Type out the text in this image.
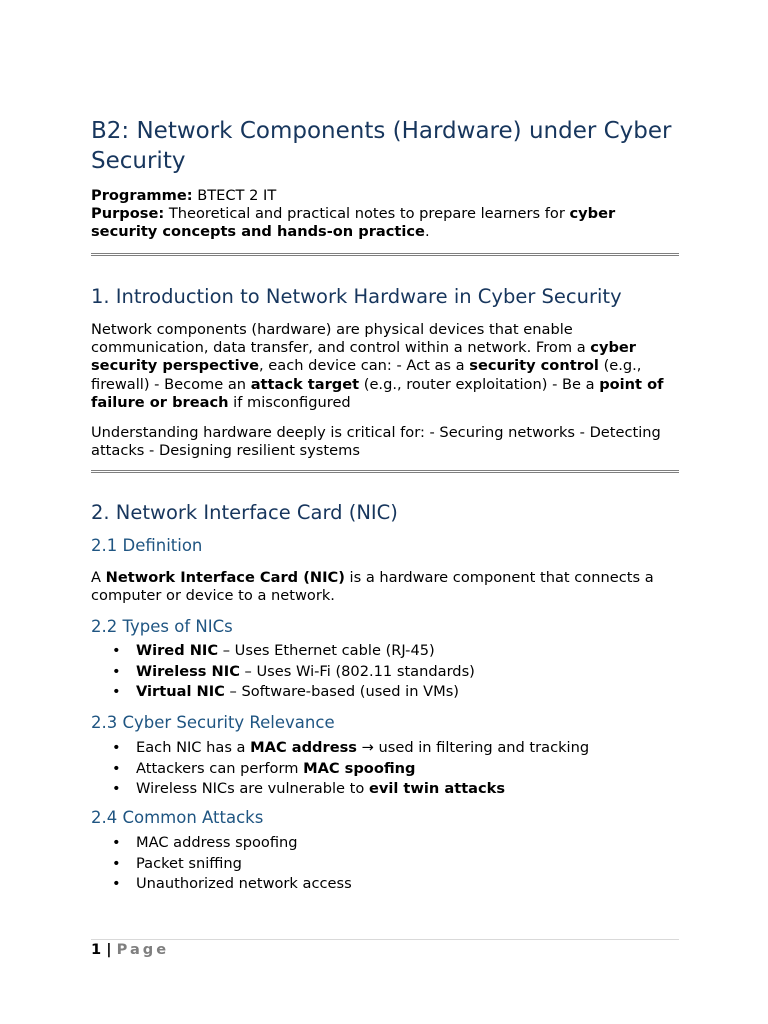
B2: Network Components (Hardware) under Cyber Security

Programme: BTECT 2 IT

Purpose: Theoretical and practical notes to prepare learners for cyber security concepts and hands-on practice.

1. Introduction to Network Hardware in Cyber Security

Network components (hardware) are physical devices that enable communication, data transfer, and control within a network. From a cyber security perspective, each device can: - Act as a security control (e.g., firewall) - Become an attack target (e.g., router exploitation) - Be a point of failure or breach if misconfigured

Understanding hardware deeply is critical for: - Securing networks - Detecting attacks - Designing resilient systems

2. Network Interface Card (NIC)
2.1 Definition

A Network Interface Card (NIC) is a hardware component that connects a computer or device to a network.

2.2 Types of NICs
• Wired NIC – Uses Ethernet cable (RJ-45)
• Wireless NIC – Uses Wi-Fi (802.11 standards)
• Virtual NIC – Software-based (used in VMs)
2.3 Cyber Security Relevance
• Each NIC has a MAC address → used in filtering and tracking
• Attackers can perform MAC spoofing
• Wireless NICs are vulnerable to evil twin attacks
2.4 Common Attacks
• MAC address spoofing
• Packet sniffing
• Unauthorized network access
1 | Page
